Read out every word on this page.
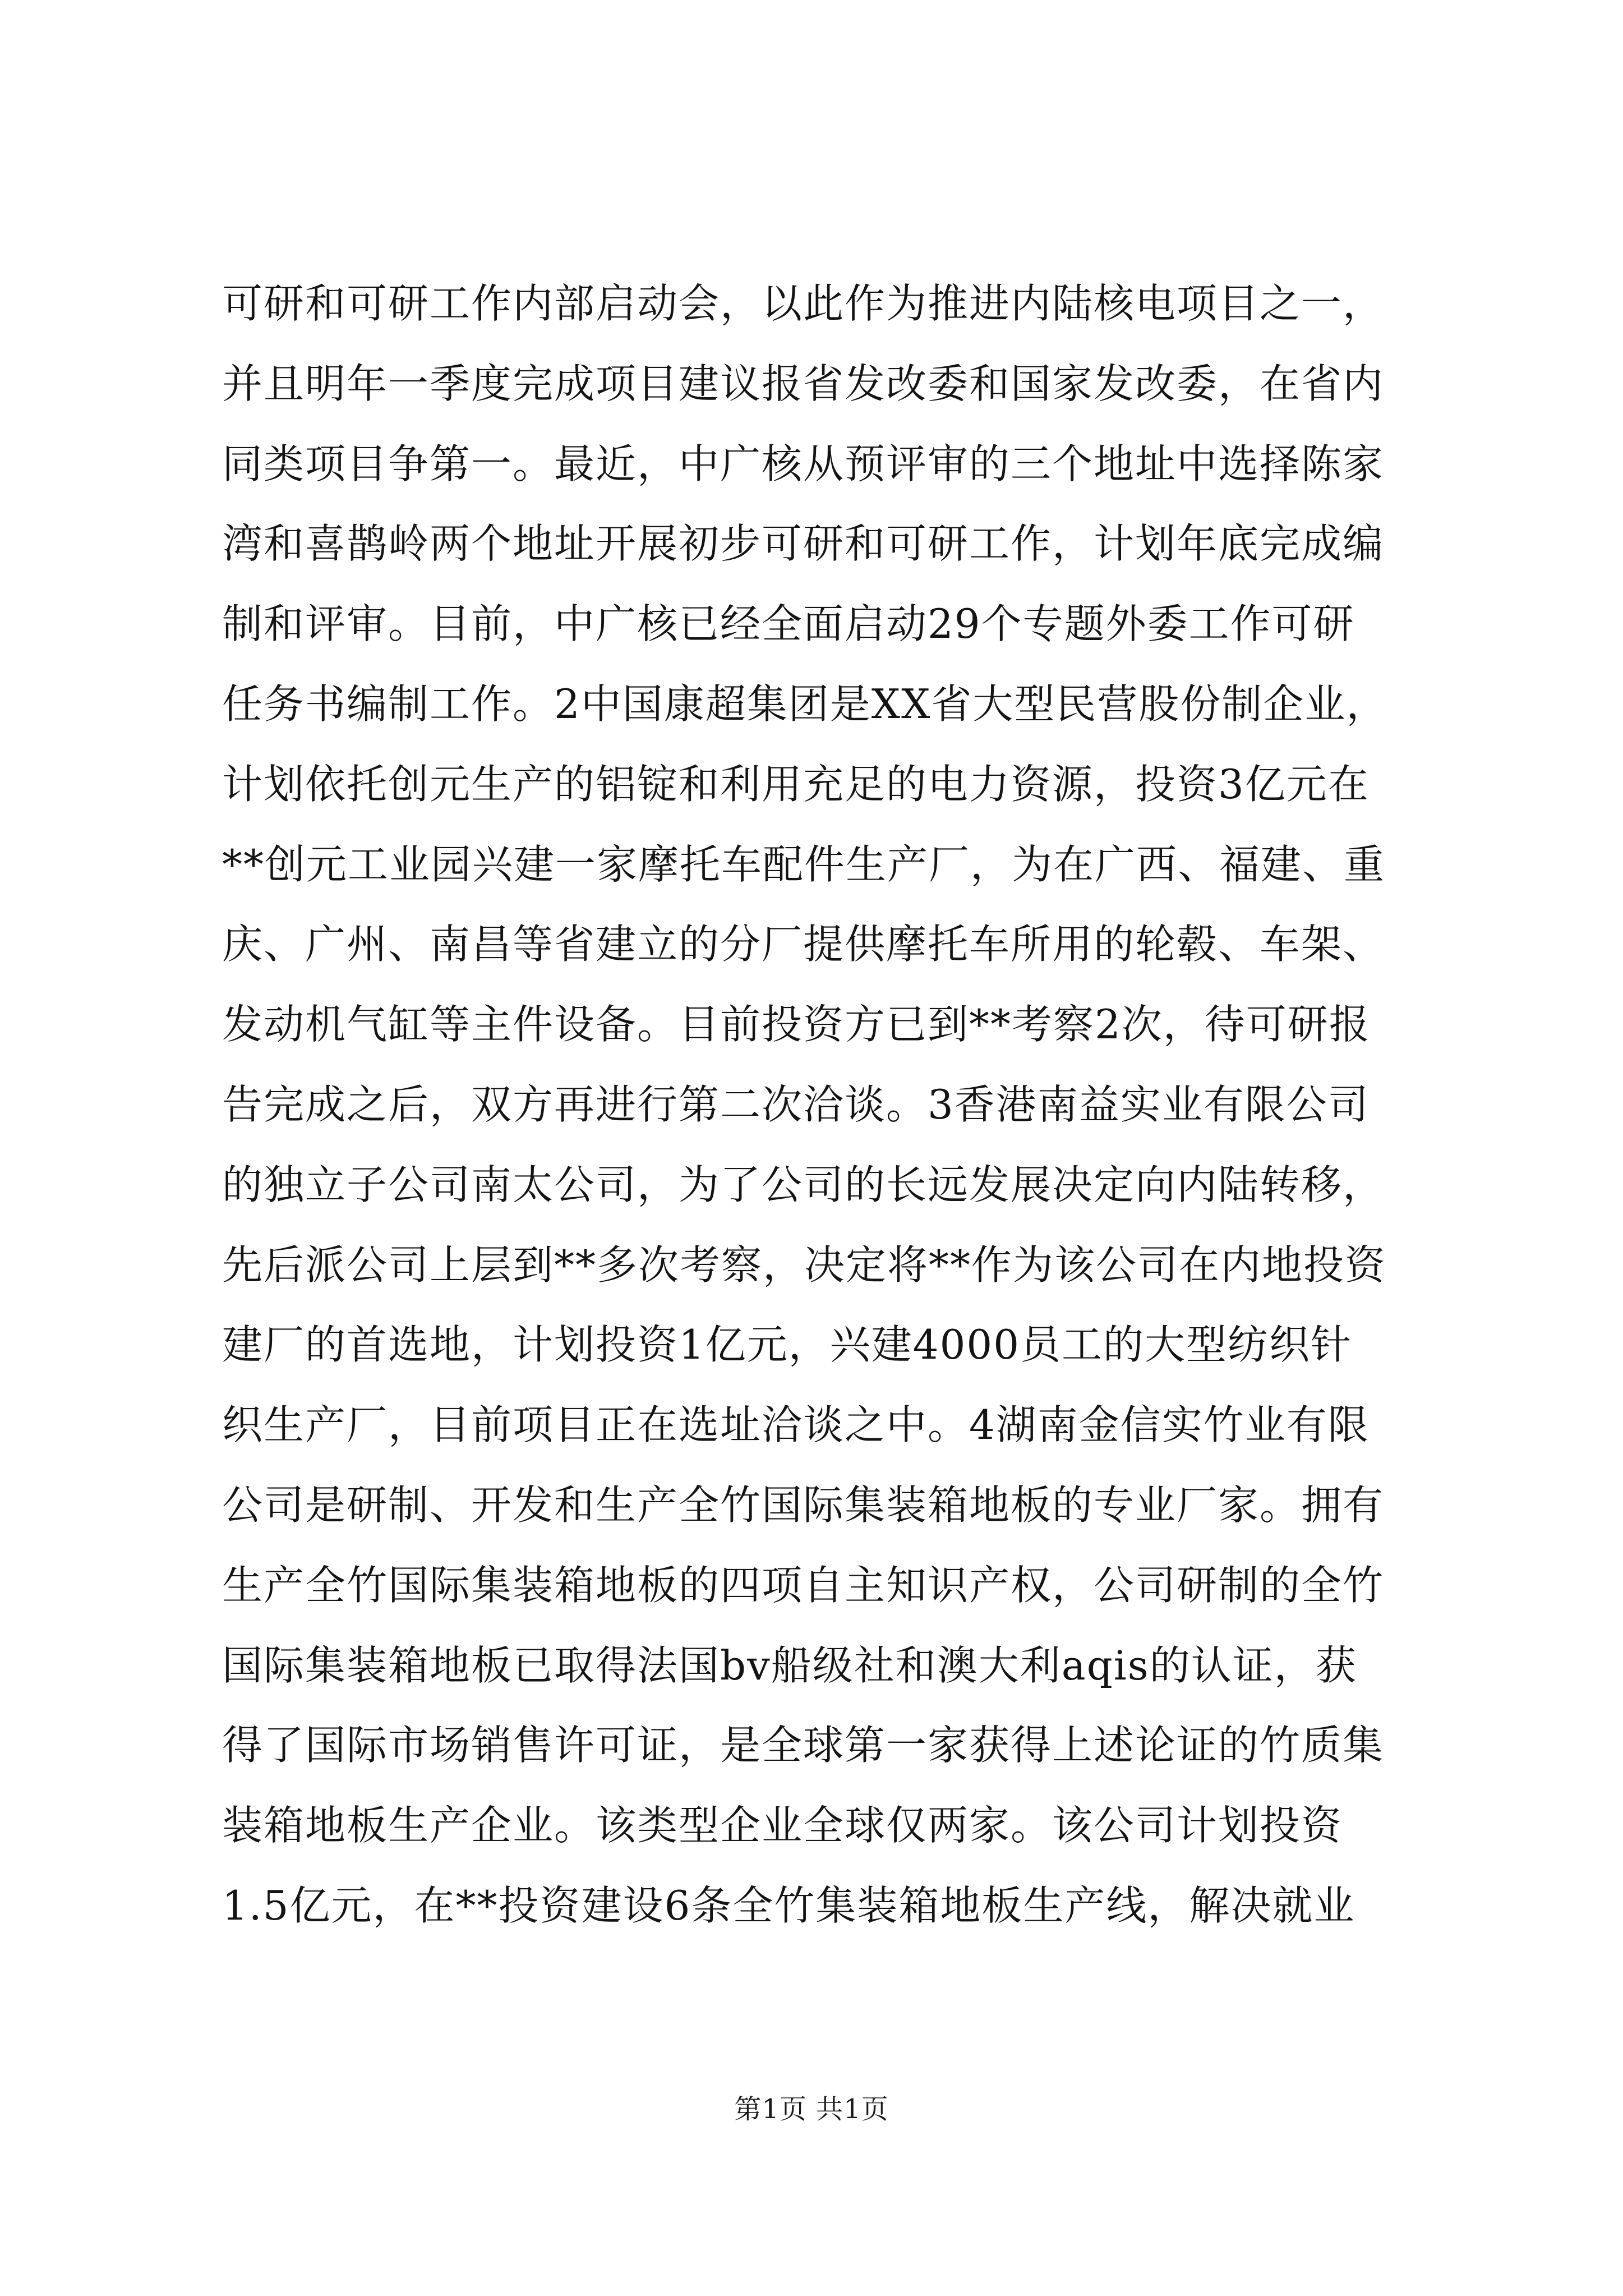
可研和可研工作内部启动会，以此作为推进内陆核电项目之一，
并且明年一季度完成项目建议报省发改委和国家发改委，在省内
同类项目争第一。最近，中广核从预评审的三个地址中选择陈家
湾和喜鹊岭两个地址开展初步可研和可研工作，计划年底完成编
制和评审。目前，中广核已经全面启动29个专题外委工作可研
任务书编制工作。2中国康超集团是XX省大型民营股份制企业，
计划依托创元生产的铝锭和利用充足的电力资源，投资3亿元在
**创元工业园兴建一家摩托车配件生产厂，为在广西、福建、重
庆、广州、南昌等省建立的分厂提供摩托车所用的轮毂、车架、
发动机气缸等主件设备。目前投资方已到**考察2次，待可研报
告完成之后，双方再进行第二次洽谈。3香港南益实业有限公司
的独立子公司南太公司，为了公司的长远发展决定向内陆转移，
先后派公司上层到**多次考察，决定将**作为该公司在内地投资
建厂的首选地，计划投资1亿元，兴建4000员工的大型纺织针
织生产厂，目前项目正在选址洽谈之中。4湖南金信实竹业有限
公司是研制、开发和生产全竹国际集装箱地板的专业厂家。拥有
生产全竹国际集装箱地板的四项自主知识产权，公司研制的全竹
国际集装箱地板已取得法国bv船级社和澳大利aqis的认证，获
得了国际市场销售许可证，是全球第一家获得上述论证的竹质集
装箱地板生产企业。该类型企业全球仅两家。该公司计划投资
1.5亿元，在**投资建设6条全竹集装箱地板生产线，解决就业
第1页 共1页
